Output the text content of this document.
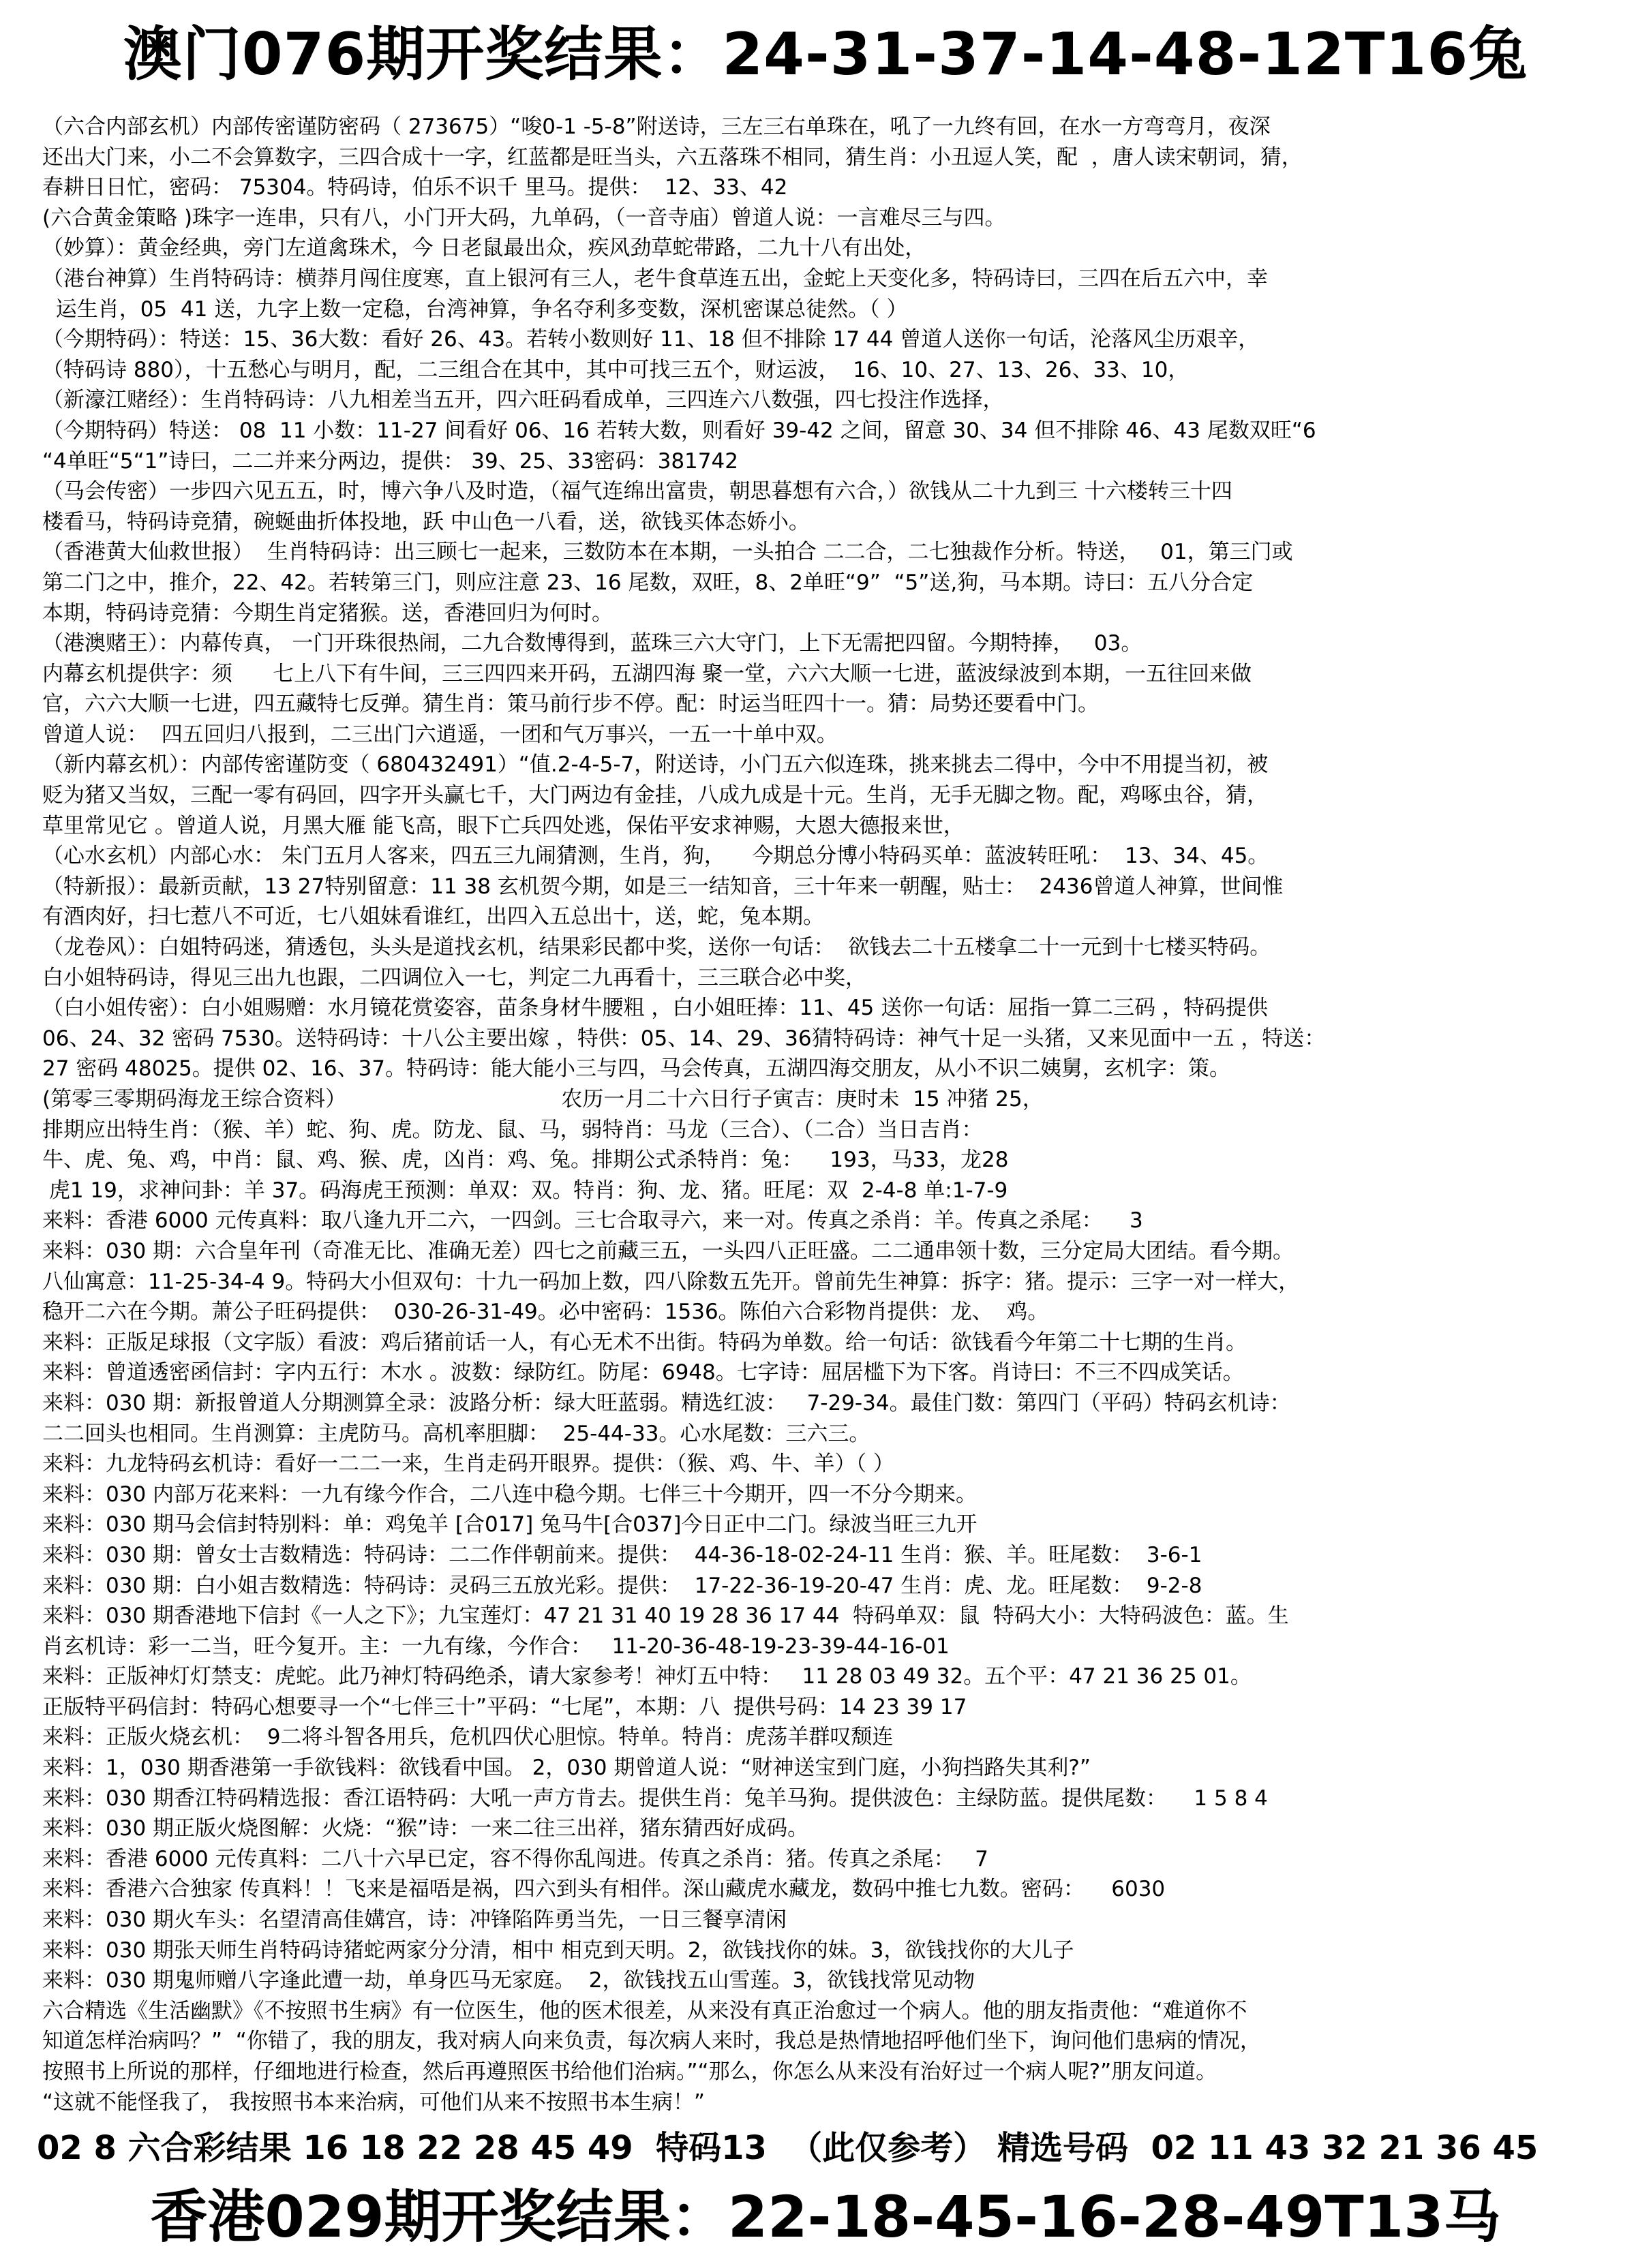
澳门076期开奖结果：24-31-37-14-48-12T16兔
（六合内部玄机）内部传密谨防密码（ 273675）“唆0-1 -5-8”附送诗，三左三右单珠在，吼了一九终有回，在水一方弯弯月，夜深
还出大门来，小二不会算数字，三四合成十一字，红蓝都是旺当头，六五落珠不相同，猜生肖：小丑逗人笑，配  ，唐人读宋朝词，猜，
春耕日日忙，密码： 75304。特码诗，伯乐不识千 里马。提供：  12、33、42
(六合黄金策略 )珠字一连串，只有八，小门开大码，九单码，（一音寺庙）曾道人说：一言难尽三与四。
（妙算）：黄金经典，旁门左道禽珠术，今 日老鼠最出众，疾风劲草蛇带路，二九十八有出处，
（港台神算）生肖特码诗：横莽月闯住度寒，直上银河有三人，老牛食草连五出，金蛇上天变化多，特码诗曰，三四在后五六中，幸
运生肖，05  41 送，九字上数一定稳，台湾神算，争名夺利多变数，深机密谋总徒然。（ ）
（今期特码）：特送：15、36大数：看好 26、43。若转小数则好 11、18 但不排除 17 44 曾道人送你一句话，沦落风尘历艰辛，
（特码诗 880），十五愁心与明月，配，二三组合在其中，其中可找三五个，财运波，  16、10、27、13、26、33、10，
（新濠江赌经）：生肖特码诗：八九相差当五开，四六旺码看成单，三四连六八数强，四七投注作选择，
（今期特码）特送： 08  11 小数：11-27 间看好 06、16 若转大数，则看好 39-42 之间，留意 30、34 但不排除 46、43 尾数双旺“6
“4单旺“5“1”诗曰，二二并来分两边，提供： 39、25、33密码：381742
（马会传密）一步四六见五五，时，博六争八及时造，（福气连绵出富贵，朝思暮想有六合，）欲钱从二十九到三 十六楼转三十四
楼看马，特码诗竞猜，碗蜒曲折体投地，跃 中山色一八看，送，欲钱买体态娇小。
（香港黄大仙救世报）  生肖特码诗：出三顾七一起来，三数防本在本期，一头拍合 二二合，二七独裁作分析。特送，   01，第三门或
第二门之中，推介，22、42。若转第三门，则应注意 23、16 尾数，双旺，8、2单旺“9”  “5”送,狗，马本期。诗曰：五八分合定
本期，特码诗竞猜：今期生肖定猪猴。送，香港回归为何时。
（港澳赌王）：内幕传真， 一门开珠很热闹，二九合数博得到，蓝珠三六大守门，上下无需把四留。今期特捧，   03。
内幕玄机提供字：须      七上八下有牛间，三三四四来开码，五湖四海 聚一堂，六六大顺一七进，蓝波绿波到本期，一五往回来做
官，六六大顺一七进，四五藏特七反弹。猜生肖：策马前行步不停。配：时运当旺四十一。猜：局势还要看中门。
曾道人说：  四五回归八报到，二三出门六逍遥，一团和气万事兴，一五一十单中双。
（新内幕玄机）：内部传密谨防变（ 680432491）“值.2-4-5-7，附送诗，小门五六似连珠，挑来挑去二得中，今中不用提当初，被
贬为猪又当奴，三配一零有码回，四字开头赢七千，大门两边有金挂，八成九成是十元。生肖，无手无脚之物。配，鸡啄虫谷，猜，
草里常见它 。曾道人说，月黑大雁 能飞高，眼下亡兵四处逃，保佑平安求神赐，大恩大德报来世，
（心水玄机）内部心水： 朱门五月人客来，四五三九闹猜测，生肖，狗，    今期总分博小特码买单：蓝波转旺吼：  13、34、45。
（特新报）：最新贡献，13 27特别留意：11 38 玄机贺今期，如是三一结知音，三十年来一朝醒，贴士：  2436曾道人神算，世间惟
有酒肉好，扫七惹八不可近，七八姐妹看谁红，出四入五总出十，送，蛇，兔本期。
（龙卷风）：白姐特码迷，猜透包，头头是道找玄机，结果彩民都中奖，送你一句话：  欲钱去二十五楼拿二十一元到十七楼买特码。
白小姐特码诗，得见三出九也跟，二四调位入一七，判定二九再看十，三三联合必中奖，
（白小姐传密）：白小姐赐赠：水月镜花赏姿容，苗条身材牛腰粗 ，白小姐旺捧：11、45 送你一句话：屈指一算二三码 ，特码提供
06、24、32 密码 7530。送特码诗：十八公主要出嫁 ，特供：05、14、29、36猜特码诗：神气十足一头猪，又来见面中一五 ，特送：
27 密码 48025。提供 02、16、37。特码诗：能大能小三与四，马会传真，五湖四海交朋友，从小不识二姨舅，玄机字：策。
(第零三零期码海龙王综合资料）                                农历一月二十六日行子寅吉：庚时未  15 冲猪 25，
排期应出特生肖：（猴、羊）蛇、狗、虎。防龙、鼠、马，弱特肖：马龙（三合）、（二合）当日吉肖：
牛、虎、兔、鸡，中肖：鼠、鸡、猴、虎，凶肖：鸡、兔。排期公式杀特肖：兔：    193，马33，龙28
虎1 19，求神问卦：羊 37。码海虎王预测：单双：双。特肖：狗、龙、猪。旺尾：双  2-4-8 单:1-7-9
来料：香港 6000 元传真料：取八逢九开二六，一四剑。三七合取寻六，来一对。传真之杀肖：羊。传真之杀尾：    3
来料：030 期：六合皇年刊（奇准无比、准确无差）四七之前藏三五，一头四八正旺盛。二二通串领十数，三分定局大团结。看今期。
八仙寓意：11-25-34-4 9。特码大小但双句：十九一码加上数，四八除数五先开。曾前先生神算：拆字：猪。提示：三字一对一样大，
稳开二六在今期。萧公子旺码提供：  030-26-31-49。必中密码：1536。陈伯六合彩物肖提供：龙、  鸡。
来料：正版足球报（文字版）看波：鸡后猪前话一人，有心无术不出街。特码为单数。给一句话：欲钱看今年第二十七期的生肖。
来料：曾道透密函信封：字内五行：木水 。波数：绿防红。防尾：6948。七字诗：屈居槛下为下客。肖诗曰：不三不四成笑话。
来料：030 期：新报曾道人分期测算全录：波路分析：绿大旺蓝弱。精选红波：   7-29-34。最佳门数：第四门（平码）特码玄机诗：
二二回头也相同。生肖测算：主虎防马。高机率胆脚：  25-44-33。心水尾数：三六三。
来料：九龙特码玄机诗：看好一二二一来，生肖走码开眼界。提供：（猴、鸡、牛、羊）（ ）
来料：030 内部万花来料：一九有缘今作合，二八连中稳今期。七伴三十今期开，四一不分今期来。
来料：030 期马会信封特别料：单：鸡兔羊 [合017] 兔马牛[合037]今日正中二门。绿波当旺三九开
来料：030 期：曾女士吉数精选：特码诗：二二作伴朝前来。提供：  44-36-18-02-24-11 生肖：猴、羊。旺尾数：  3-6-1
来料：030 期：白小姐吉数精选：特码诗：灵码三五放光彩。提供：  17-22-36-19-20-47 生肖：虎、龙。旺尾数：  9-2-8
来料：030 期香港地下信封《一人之下》；九宝莲灯：47 21 31 40 19 28 36 17 44  特码单双：鼠  特码大小：大特码波色：蓝。生
肖玄机诗：彩一二当，旺今复开。主：一九有缘，今作合：   11-20-36-48-19-23-39-44-16-01
来料：正版神灯灯禁支：虎蛇。此乃神灯特码绝杀，请大家参考！神灯五中特：   11 28 03 49 32。五个平：47 21 36 25 01。
正版特平码信封：特码心想要寻一个“七伴三十”平码：“七尾”，本期：八  提供号码：14 23 39 17
来料：正版火烧玄机：  9二将斗智各用兵，危机四伏心胆惊。特单。特肖：虎荡羊群叹颓连
来料：1，030 期香港第一手欲钱料：欲钱看中国。 2，030 期曾道人说：“财神送宝到门庭，小狗挡路失其利?”
来料：030 期香江特码精选报：香江语特码：大吼一声方肯去。提供生肖：兔羊马狗。提供波色：主绿防蓝。提供尾数：    1 5 8 4
来料：030 期正版火烧图解：火烧：“猴”诗：一来二往三出祥，猪东猜西好成码。
来料：香港 6000 元传真料：二八十六早已定，容不得你乱闯进。传真之杀肖：猪。传真之杀尾：   7
来料：香港六合独家 传真料！！飞来是福唔是祸，四六到头有相伴。深山藏虎水藏龙，数码中推七九数。密码：    6030
来料：030 期火车头：名望清高佳媾宫，诗：冲锋陷阵勇当先，一日三餐享清闲
来料：030 期张天师生肖特码诗猪蛇两家分分清，相中 相克到天明。2，欲钱找你的妹。3，欲钱找你的大儿子
来料：030 期鬼师赠八字逢此遭一劫，单身匹马无家庭。  2，欲钱找五山雪莲。3，欲钱找常见动物
六合精选《生活幽默》《不按照书生病》有一位医生，他的医术很差，从来没有真正治愈过一个病人。他的朋友指责他：“难道你不
知道怎样治病吗？”  “你错了，我的朋友，我对病人向来负责，每次病人来时，我总是热情地招呼他们坐下，询问他们患病的情况，
按照书上所说的那样，仔细地进行检查，然后再遵照医书给他们治病。”“那么，你怎么从来没有治好过一个病人呢?”朋友问道。
“这就不能怪我了， 我按照书本来治病，可他们从来不按照书本生病！”
02 8 六合彩结果 16 18 22 28 45 49  特码13  （此仅参考） 精选号码  02 11 43 32 21 36 45
香港029期开奖结果：22-18-45-16-28-49T13马
